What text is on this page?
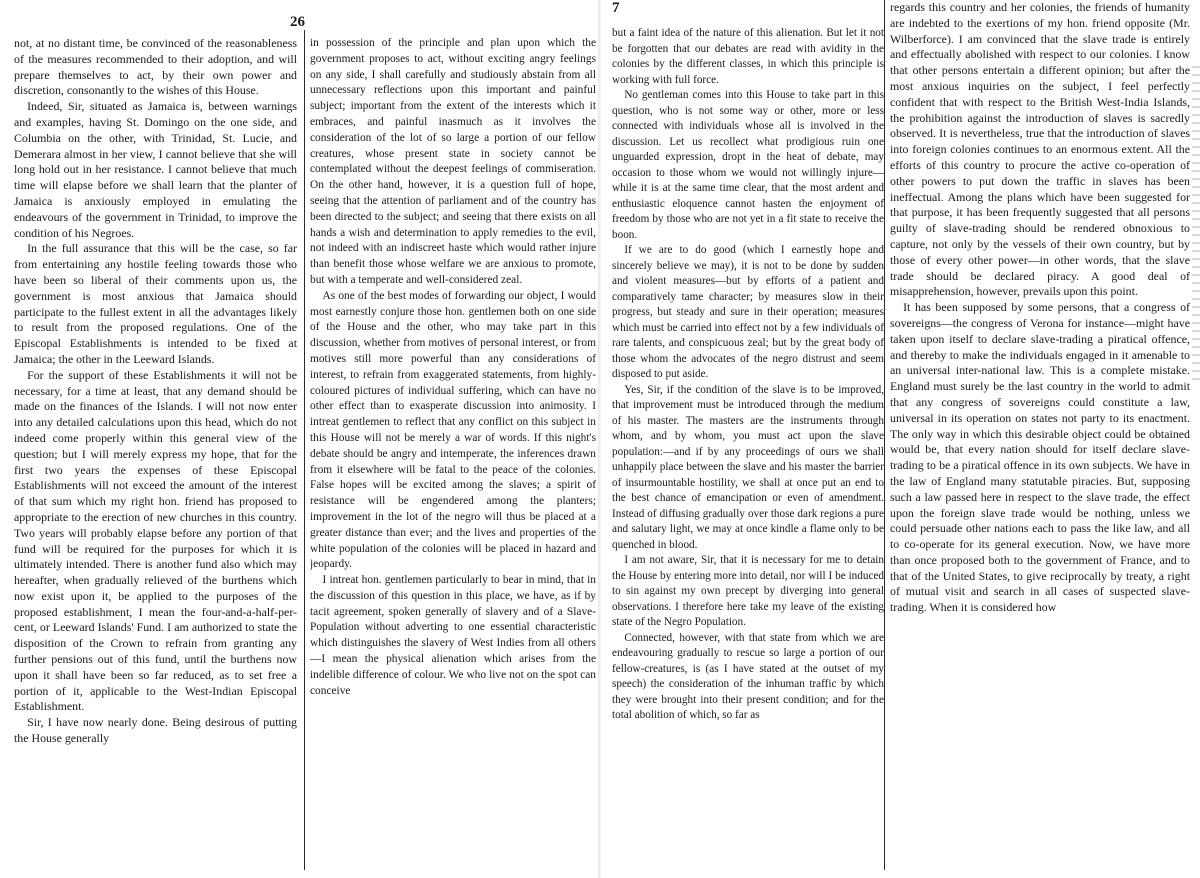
26

not, at no distant time, be convinced of the reasonableness of the measures recommended to their adoption, and will prepare themselves to act, by their own power and discretion, consonantly to the wishes of this House.

Indeed, Sir, situated as Jamaica is, between warnings and examples, having St. Domingo on the one side, and Columbia on the other, with Trinidad, St. Lucie, and Demerara almost in her view, I cannot believe that she will long hold out in her resistance. I cannot believe that much time will elapse before we shall learn that the planter of Jamaica is anxiously employed in emulating the endeavours of the government in Trinidad, to improve the condition of his Negroes.

In the full assurance that this will be the case, so far from entertaining any hostile feeling towards those who have been so liberal of their comments upon us, the government is most anxious that Jamaica should participate to the fullest extent in all the advantages likely to result from the proposed regulations. One of the Episcopal Establishments is intended to be fixed at Jamaica; the other in the Leeward Islands.

For the support of these Establishments it will not be necessary, for a time at least, that any demand should be made on the finances of the Islands. I will not now enter into any detailed calculations upon this head, which do not indeed come properly within this general view of the question; but I will merely express my hope, that for the first two years the expenses of these Episcopal Establishments will not exceed the amount of the interest of that sum which my right hon. friend has proposed to appropriate to the erection of new churches in this country. Two years will probably elapse before any portion of that fund will be required for the purposes for which it is ultimately intended. There is another fund also which may hereafter, when gradually relieved of the burthens which now exist upon it, be applied to the purposes of the proposed establishment, I mean the four-and-a-half-per-cent, or Leeward Islands' Fund. I am authorized to state the disposition of the Crown to refrain from granting any further pensions out of this fund, until the burthens now upon it shall have been so far reduced, as to set free a portion of it, applicable to the West-Indian Episcopal Establishment.

Sir, I have now nearly done. Being desirous of putting the House generally

in possession of the principle and plan upon which the government proposes to act, without exciting angry feelings on any side, I shall carefully and studiously abstain from all unnecessary reflections upon this important and painful subject; important from the extent of the interests which it embraces, and painful inasmuch as it involves the consideration of the lot of so large a portion of our fellow creatures, whose present state in society cannot be contemplated without the deepest feelings of commiseration. On the other hand, however, it is a question full of hope, seeing that the attention of parliament and of the country has been directed to the subject; and seeing that there exists on all hands a wish and determination to apply remedies to the evil, not indeed with an indiscreet haste which would rather injure than benefit those whose welfare we are anxious to promote, but with a temperate and well-considered zeal.

As one of the best modes of forwarding our object, I would most earnestly conjure those hon. gentlemen both on one side of the House and the other, who may take part in this discussion, whether from motives of personal interest, or from motives still more powerful than any considerations of interest, to refrain from exaggerated statements, from highly-coloured pictures of individual suffering, which can have no other effect than to exasperate discussion into animosity. I intreat gentlemen to reflect that any conflict on this subject in this House will not be merely a war of words. If this night's debate should be angry and intemperate, the inferences drawn from it elsewhere will be fatal to the peace of the colonies. False hopes will be excited among the slaves; a spirit of resistance will be engendered among the planters; improvement in the lot of the negro will thus be placed at a greater distance than ever; and the lives and properties of the white population of the colonies will be placed in hazard and jeopardy.

I intreat hon. gentlemen particularly to bear in mind, that in the discussion of this question in this place, we have, as if by tacit agreement, spoken generally of slavery and of a Slave-Population without adverting to one essential characteristic which distinguishes the slavery of West Indies from all others—I mean the physical alienation which arises from the indelible difference of colour. We who live not on the spot can conceive

7

but a faint idea of the nature of this alienation. But let it not be forgotten that our debates are read with avidity in the colonies by the different classes, in which this principle is working with full force.

No gentleman comes into this House to take part in this question, who is not some way or other, more or less connected with individuals whose all is involved in the discussion. Let us recollect what prodigious ruin one unguarded expression, dropt in the heat of debate, may occasion to those whom we would not willingly injure—while it is at the same time clear, that the most ardent and enthusiastic eloquence cannot hasten the enjoyment of freedom by those who are not yet in a fit state to receive the boon.

If we are to do good (which I earnestly hope and sincerely believe we may), it is not to be done by sudden and violent measures—but by efforts of a patient and comparatively tame character; by measures slow in their progress, but steady and sure in their operation; measures which must be carried into effect not by a few individuals of rare talents, and conspicuous zeal; but by the great body of those whom the advocates of the negro distrust and seem disposed to put aside.

Yes, Sir, if the condition of the slave is to be improved, that improvement must be introduced through the medium of his master. The masters are the instruments through whom, and by whom, you must act upon the slave population:—and if by any proceedings of ours we shall unhappily place between the slave and his master the barrier of insurmountable hostility, we shall at once put an end to the best chance of emancipation or even of amendment. Instead of diffusing gradually over those dark regions a pure and salutary light, we may at once kindle a flame only to be quenched in blood.

I am not aware, Sir, that it is necessary for me to detain the House by entering more into detail, nor will I be induced to sin against my own precept by diverging into general observations. I therefore here take my leave of the existing state of the Negro Population.

Connected, however, with that state from which we are endeavouring gradually to rescue so large a portion of our fellow-creatures, is (as I have stated at the outset of my speech) the consideration of the inhuman traffic by which they were brought into their present condition; and for the total abolition of which, so far as

regards this country and her colonies, the friends of humanity are indebted to the exertions of my hon. friend opposite (Mr. Wilberforce). I am convinced that the slave trade is entirely and effectually abolished with respect to our colonies. I know that other persons entertain a different opinion; but after the most anxious inquiries on the subject, I feel perfectly confident that with respect to the British West-India Islands, the prohibition against the introduction of slaves is sacredly observed. It is nevertheless, true that the introduction of slaves into foreign colonies continues to an enormous extent. All the efforts of this country to procure the active co-operation of other powers to put down the traffic in slaves has been ineffectual. Among the plans which have been suggested for that purpose, it has been frequently suggested that all persons guilty of slave-trading should be rendered obnoxious to capture, not only by the vessels of their own country, but by those of every other power—in other words, that the slave trade should be declared piracy. A good deal of misapprehension, however, prevails upon this point.

It has been supposed by some persons, that a congress of sovereigns—the congress of Verona for instance—might have taken upon itself to declare slave-trading a piratical offence, and thereby to make the individuals engaged in it amenable to an universal inter-national law. This is a complete mistake. England must surely be the last country in the world to admit that any congress of sovereigns could constitute a law, universal in its operation on states not party to its enactment. The only way in which this desirable object could be obtained would be, that every nation should for itself declare slave-trading to be a piratical offence in its own subjects. We have in the law of England many statutable piracies. But, supposing such a law passed here in respect to the slave trade, the effect upon the foreign slave trade would be nothing, unless we could persuade other nations each to pass the like law, and all to co-operate for its general execution. Now, we have more than once proposed both to the government of France, and to that of the United States, to give reciprocally by treaty, a right of mutual visit and search in all cases of suspected slave-trading. When it is considered how
